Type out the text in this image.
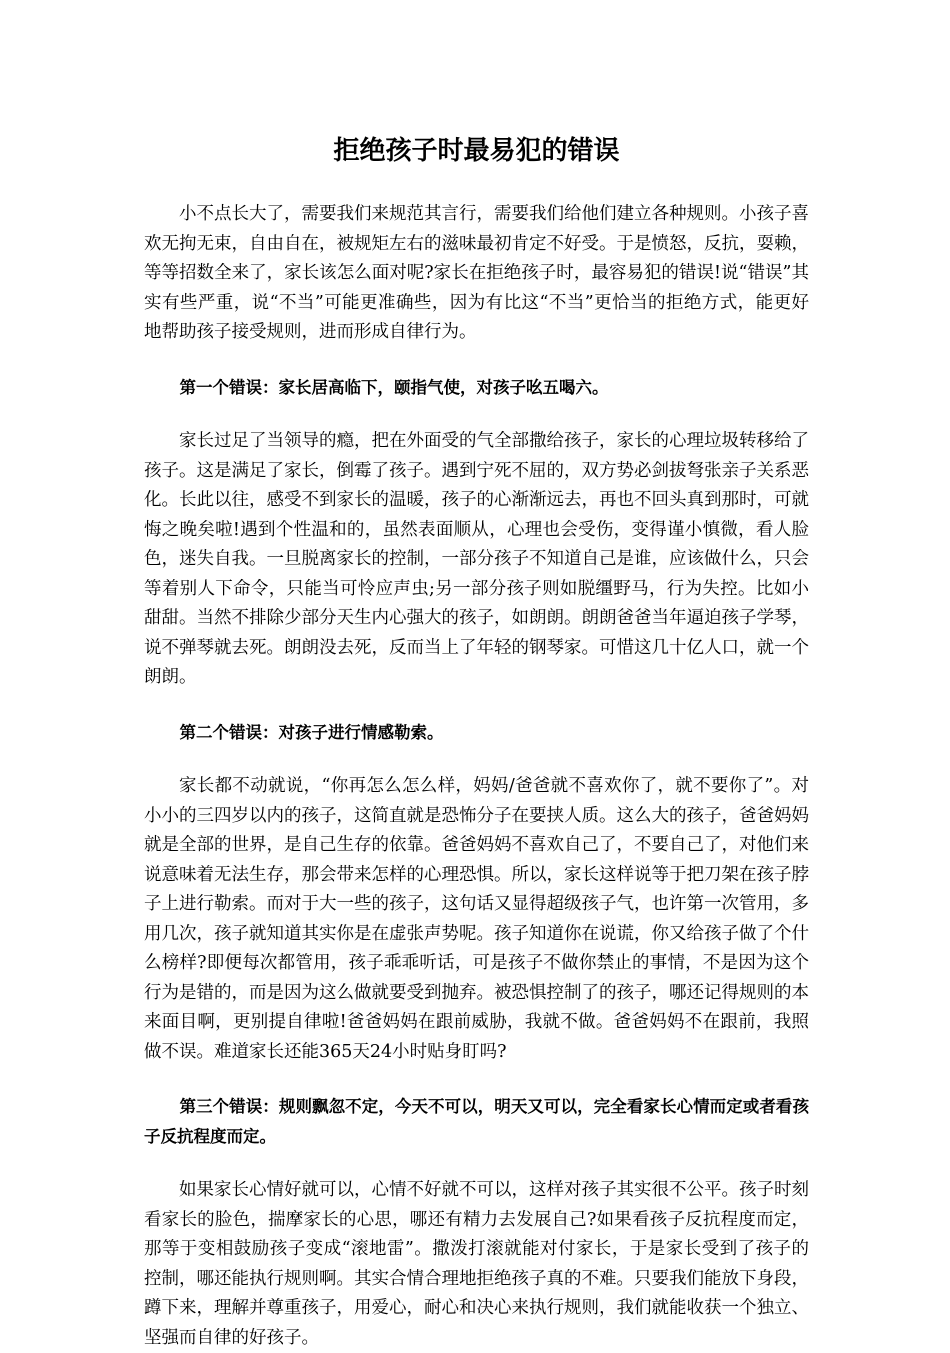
拒绝孩子时最易犯的错误

小不点长大了，需要我们来规范其言行，需要我们给他们建立各种规则。小孩子喜欢无拘无束，自由自在，被规矩左右的滋味最初肯定不好受。于是愤怒，反抗，耍赖，等等招数全来了，家长该怎么面对呢?家长在拒绝孩子时，最容易犯的错误!说“错误”其实有些严重，说“不当”可能更准确些，因为有比这“不当”更恰当的拒绝方式，能更好地帮助孩子接受规则，进而形成自律行为。

第一个错误：家长居高临下，颐指气使，对孩子吆五喝六。

家长过足了当领导的瘾，把在外面受的气全部撒给孩子，家长的心理垃圾转移给了孩子。这是满足了家长，倒霉了孩子。遇到宁死不屈的，双方势必剑拔弩张亲子关系恶化。长此以往，感受不到家长的温暖，孩子的心渐渐远去，再也不回头真到那时，可就悔之晚矣啦!遇到个性温和的，虽然表面顺从，心理也会受伤，变得谨小慎微，看人脸色，迷失自我。一旦脱离家长的控制，一部分孩子不知道自己是谁，应该做什么，只会等着别人下命令，只能当可怜应声虫;另一部分孩子则如脱缰野马，行为失控。比如小甜甜。当然不排除少部分天生内心强大的孩子，如朗朗。朗朗爸爸当年逼迫孩子学琴，说不弹琴就去死。朗朗没去死，反而当上了年轻的钢琴家。可惜这几十亿人口，就一个朗朗。

第二个错误：对孩子进行情感勒索。

家长都不动就说，“你再怎么怎么样，妈妈/爸爸就不喜欢你了，就不要你了”。对小小的三四岁以内的孩子，这简直就是恐怖分子在要挟人质。这么大的孩子，爸爸妈妈就是全部的世界，是自己生存的依靠。爸爸妈妈不喜欢自己了，不要自己了，对他们来说意味着无法生存，那会带来怎样的心理恐惧。所以，家长这样说等于把刀架在孩子脖子上进行勒索。而对于大一些的孩子，这句话又显得超级孩子气，也许第一次管用，多用几次，孩子就知道其实你是在虚张声势呢。孩子知道你在说谎，你又给孩子做了个什么榜样?即便每次都管用，孩子乖乖听话，可是孩子不做你禁止的事情，不是因为这个行为是错的，而是因为这么做就要受到抛弃。被恐惧控制了的孩子，哪还记得规则的本来面目啊，更别提自律啦!爸爸妈妈在跟前威胁，我就不做。爸爸妈妈不在跟前，我照做不误。难道家长还能365天24小时贴身盯吗?

第三个错误：规则飘忽不定，今天不可以，明天又可以，完全看家长心情而定或者看孩子反抗程度而定。

如果家长心情好就可以，心情不好就不可以，这样对孩子其实很不公平。孩子时刻看家长的脸色，揣摩家长的心思，哪还有精力去发展自己?如果看孩子反抗程度而定，那等于变相鼓励孩子变成“滚地雷”。撒泼打滚就能对付家长，于是家长受到了孩子的控制，哪还能执行规则啊。其实合情合理地拒绝孩子真的不难。只要我们能放下身段，蹲下来，理解并尊重孩子，用爱心，耐心和决心来执行规则，我们就能收获一个独立、坚强而自律的好孩子。
